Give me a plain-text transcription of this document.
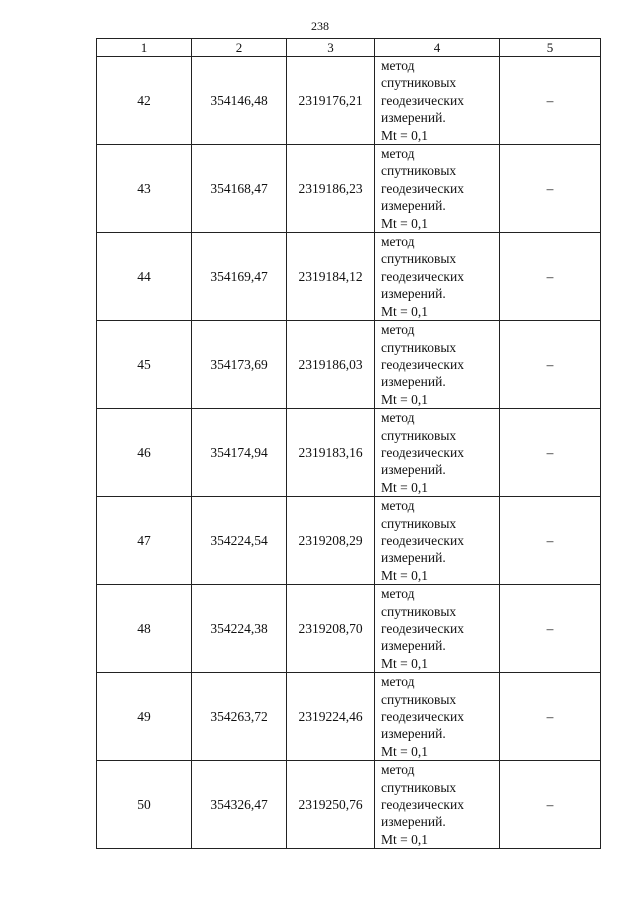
238
1	2	3	4	5
42	354146,48	2319176,21	метод
спутниковых
геодезических
измерений.
Mt = 0,1	–
43	354168,47	2319186,23	метод
спутниковых
геодезических
измерений.
Mt = 0,1	–
44	354169,47	2319184,12	метод
спутниковых
геодезических
измерений.
Mt = 0,1	–
45	354173,69	2319186,03	метод
спутниковых
геодезических
измерений.
Mt = 0,1	–
46	354174,94	2319183,16	метод
спутниковых
геодезических
измерений.
Mt = 0,1	–
47	354224,54	2319208,29	метод
спутниковых
геодезических
измерений.
Mt = 0,1	–
48	354224,38	2319208,70	метод
спутниковых
геодезических
измерений.
Mt = 0,1	–
49	354263,72	2319224,46	метод
спутниковых
геодезических
измерений.
Mt = 0,1	–
50	354326,47	2319250,76	метод
спутниковых
геодезических
измерений.
Mt = 0,1	–
